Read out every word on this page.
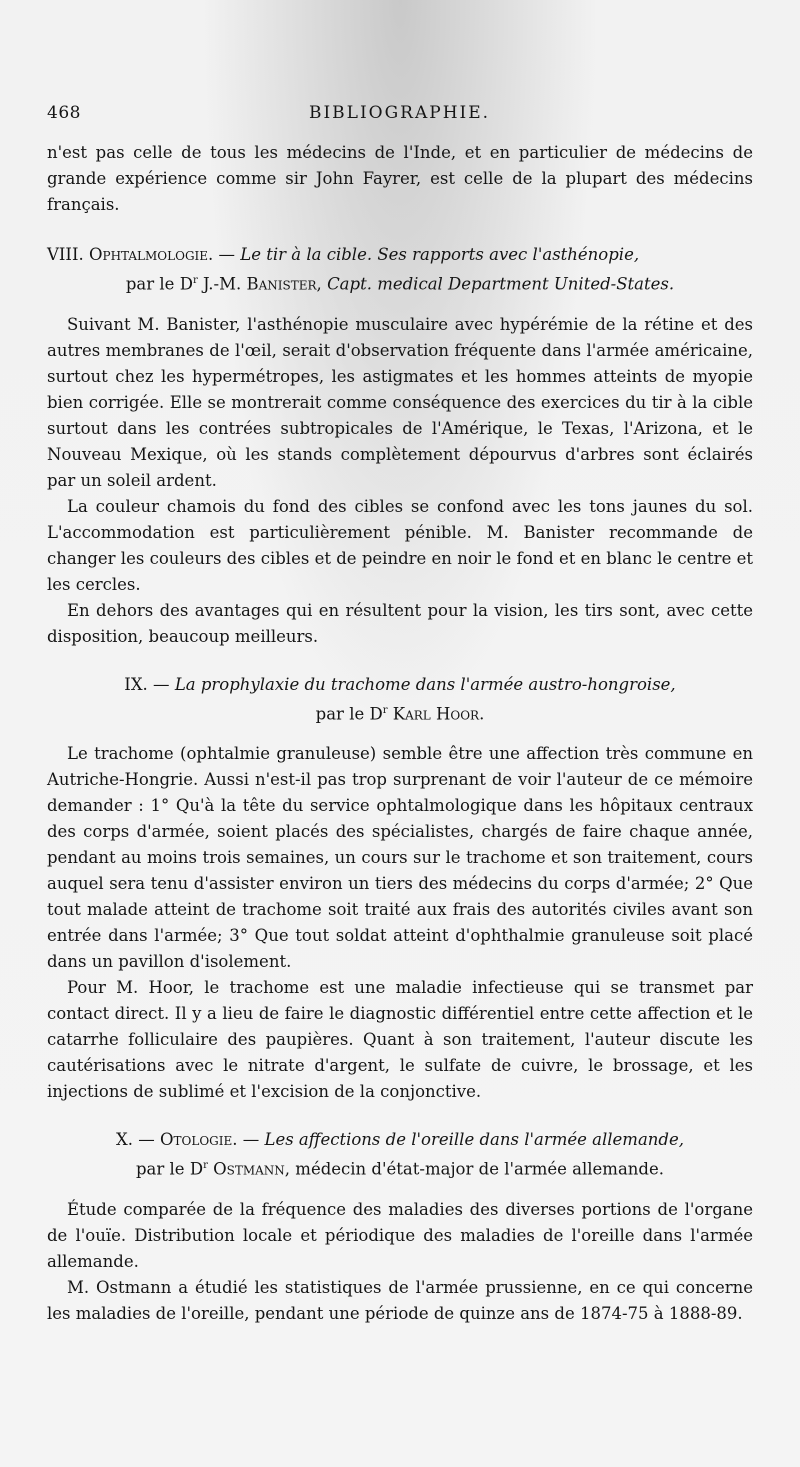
468	BIBLIOGRAPHIE.

n'est pas celle de tous les médecins de l'Inde, et en particulier de médecins de grande expérience comme sir John Fayrer, est celle de la plupart des médecins français.

VIII. Ophtalmologie. — Le tir à la cible. Ses rapports avec l'asthénopie,

par le $D^r$ J.-M. Banister, Capt. medical Department United-States.

Suivant M. Banister, l'asthénopie musculaire avec hypérémie de la rétine et des autres membranes de l'œil, serait d'observation fréquente dans l'armée américaine, surtout chez les hypermétropes, les astigmates et les hommes atteints de myopie bien corrigée. Elle se montrerait comme conséquence des exercices du tir à la cible surtout dans les contrées subtropicales de l'Amérique, le Texas, l'Arizona, et le Nouveau Mexique, où les stands complètement dépourvus d'arbres sont éclairés par un soleil ardent.

La couleur chamois du fond des cibles se confond avec les tons jaunes du sol. L'accommodation est particulièrement pénible. M. Banister recommande de changer les couleurs des cibles et de peindre en noir le fond et en blanc le centre et les cercles.

En dehors des avantages qui en résultent pour la vision, les tirs sont, avec cette disposition, beaucoup meilleurs.

IX. — La prophylaxie du trachome dans l'armée austro-hongroise,

par le $D^r$ Karl Hoor.

Le trachome (ophtalmie granuleuse) semble être une affection très commune en Autriche-Hongrie. Aussi n'est-il pas trop surprenant de voir l'auteur de ce mémoire demander : 1° Qu'à la tête du service ophtalmologique dans les hôpitaux centraux des corps d'armée, soient placés des spécialistes, chargés de faire chaque année, pendant au moins trois semaines, un cours sur le trachome et son traitement, cours auquel sera tenu d'assister environ un tiers des médecins du corps d'armée; 2° Que tout malade atteint de trachome soit traité aux frais des autorités civiles avant son entrée dans l'armée; 3° Que tout soldat atteint d'ophthalmie granuleuse soit placé dans un pavillon d'isolement.

Pour M. Hoor, le trachome est une maladie infectieuse qui se transmet par contact direct. Il y a lieu de faire le diagnostic différentiel entre cette affection et le catarrhe folliculaire des paupières. Quant à son traitement, l'auteur discute les cautérisations avec le nitrate d'argent, le sulfate de cuivre, le brossage, et les injections de sublimé et l'excision de la conjonctive.

X. — Otologie. — Les affections de l'oreille dans l'armée allemande,

par le $D^r$ Ostmann, médecin d'état-major de l'armée allemande.

Étude comparée de la fréquence des maladies des diverses portions de l'organe de l'ouïe. Distribution locale et périodique des maladies de l'oreille dans l'armée allemande.

M. Ostmann a étudié les statistiques de l'armée prussienne, en ce qui concerne les maladies de l'oreille, pendant une période de quinze ans de 1874-75 à 1888-89.
